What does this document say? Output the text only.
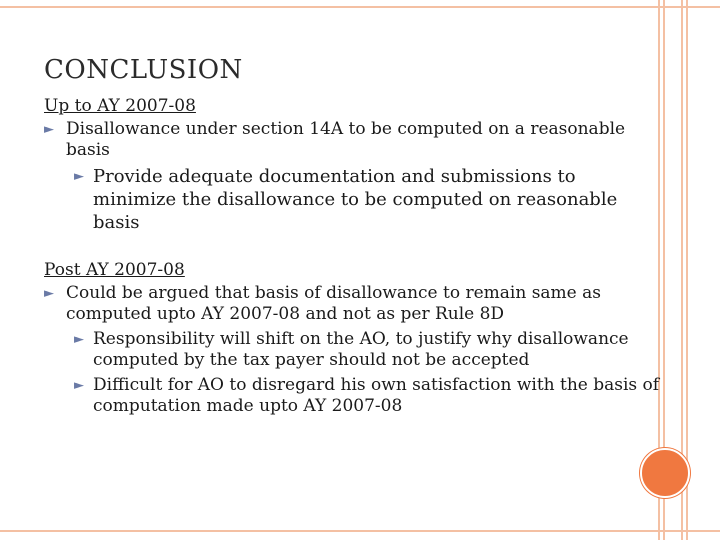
CONCLUSION

Up to AY 2007-08

► Disallowance under section 14A to be computed on a reasonable basis
► Provide adequate documentation and submissions to minimize the disallowance to be computed on reasonable basis

Post AY 2007-08

► Could be argued that basis of disallowance to remain same as computed upto AY 2007-08 and not as per Rule 8D
► Responsibility will shift on the AO, to justify why disallowance computed by the tax payer should not be accepted
► Difficult for AO to disregard his own satisfaction with the basis of computation made upto AY 2007-08
